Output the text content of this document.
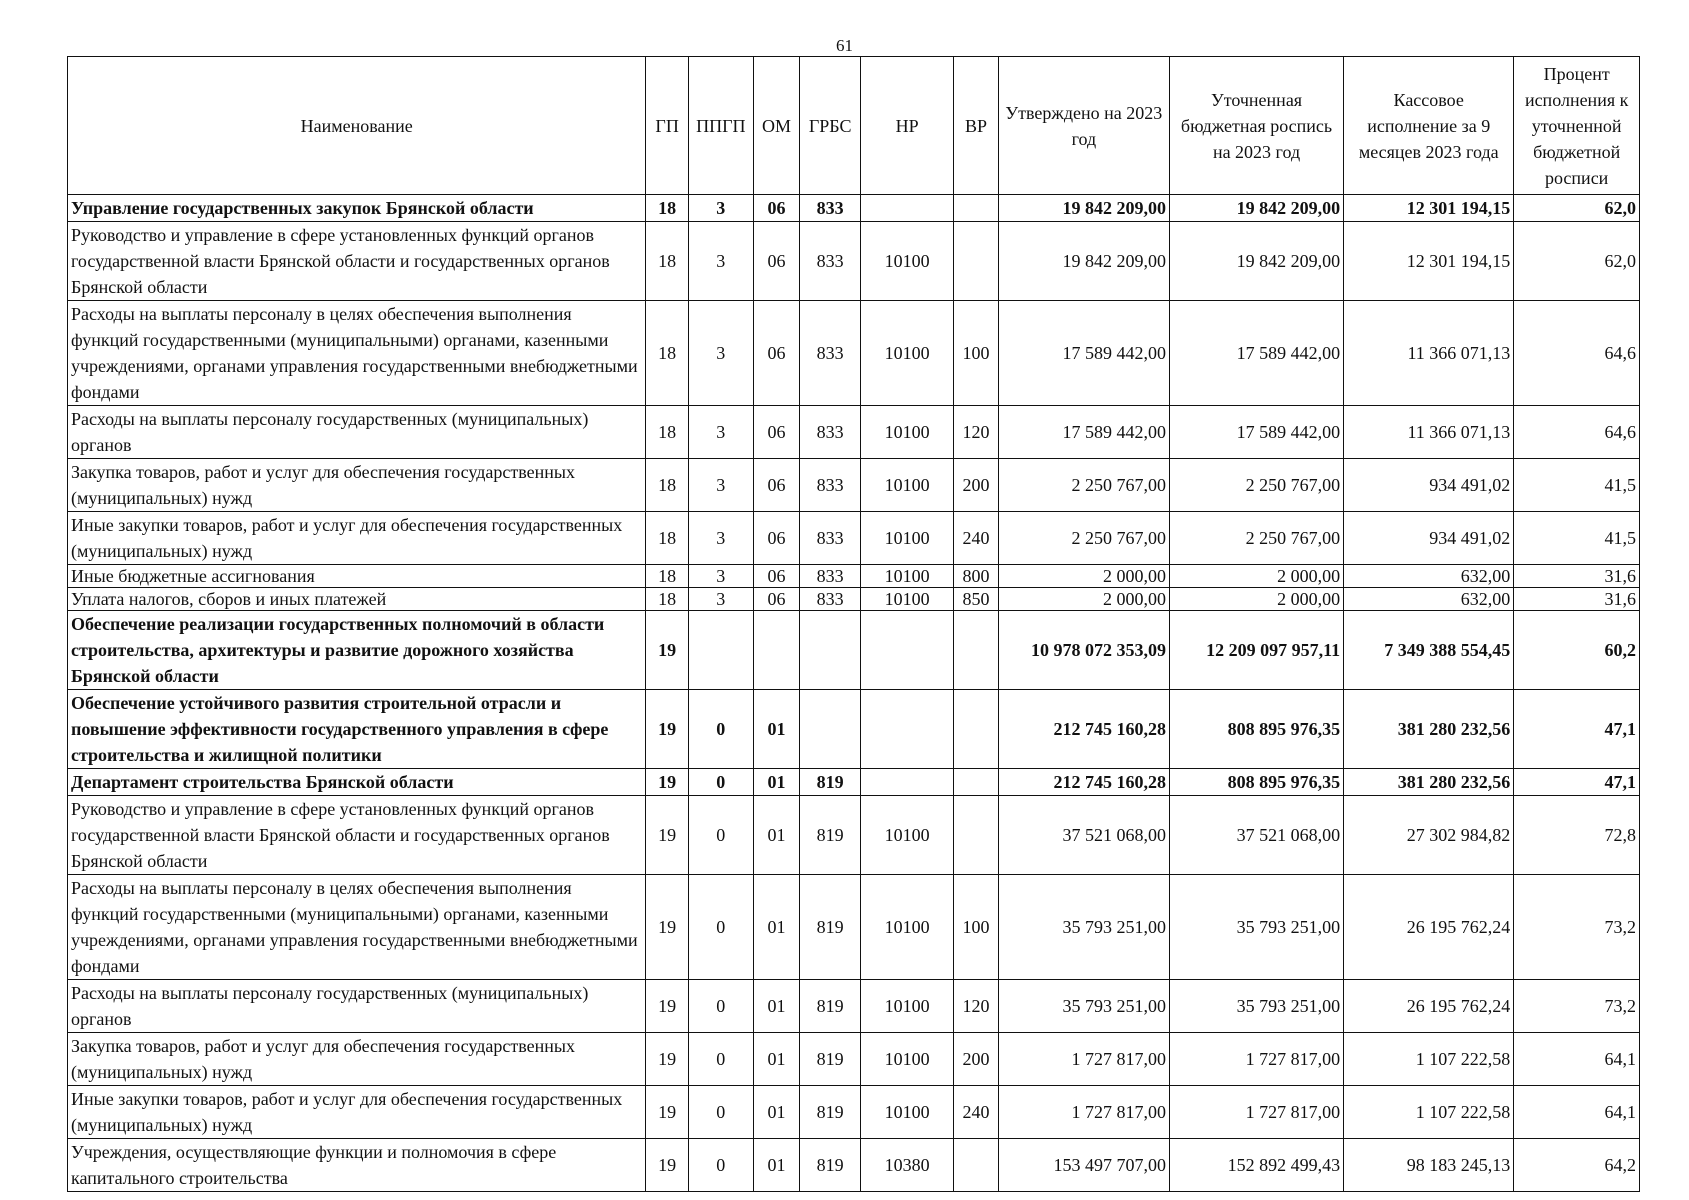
61
Наименование	ГП	ППГП	ОМ	ГРБС	НР	ВР	Утверждено на 2023 год	Уточненная бюджетная роспись на 2023 год	Кассовое исполнение за 9 месяцев 2023 года	Процент исполнения к уточненной бюджетной росписи
Управление государственных закупок Брянской области	18	3	06	833			19 842 209,00	19 842 209,00	12 301 194,15	62,0
Руководство и управление в сфере установленных функций органов государственной власти Брянской области и государственных органов Брянской области	18	3	06	833	10100		19 842 209,00	19 842 209,00	12 301 194,15	62,0
Расходы на выплаты персоналу в целях обеспечения выполнения функций государственными (муниципальными) органами, казенными учреждениями, органами управления государственными внебюджетными фондами	18	3	06	833	10100	100	17 589 442,00	17 589 442,00	11 366 071,13	64,6
Расходы на выплаты персоналу государственных (муниципальных) органов	18	3	06	833	10100	120	17 589 442,00	17 589 442,00	11 366 071,13	64,6
Закупка товаров, работ и услуг для обеспечения государственных (муниципальных) нужд	18	3	06	833	10100	200	2 250 767,00	2 250 767,00	934 491,02	41,5
Иные закупки товаров, работ и услуг для обеспечения государственных (муниципальных) нужд	18	3	06	833	10100	240	2 250 767,00	2 250 767,00	934 491,02	41,5
Иные бюджетные ассигнования	18	3	06	833	10100	800	2 000,00	2 000,00	632,00	31,6
Уплата налогов, сборов и иных платежей	18	3	06	833	10100	850	2 000,00	2 000,00	632,00	31,6
Обеспечение реализации государственных полномочий в области строительства, архитектуры и развитие дорожного хозяйства Брянской области	19						10 978 072 353,09	12 209 097 957,11	7 349 388 554,45	60,2
Обеспечение устойчивого развития строительной отрасли и повышение эффективности государственного управления в сфере строительства и жилищной политики	19	0	01				212 745 160,28	808 895 976,35	381 280 232,56	47,1
Департамент строительства Брянской области	19	0	01	819			212 745 160,28	808 895 976,35	381 280 232,56	47,1
Руководство и управление в сфере установленных функций органов государственной власти Брянской области и государственных органов Брянской области	19	0	01	819	10100		37 521 068,00	37 521 068,00	27 302 984,82	72,8
Расходы на выплаты персоналу в целях обеспечения выполнения функций государственными (муниципальными) органами, казенными учреждениями, органами управления государственными внебюджетными фондами	19	0	01	819	10100	100	35 793 251,00	35 793 251,00	26 195 762,24	73,2
Расходы на выплаты персоналу государственных (муниципальных) органов	19	0	01	819	10100	120	35 793 251,00	35 793 251,00	26 195 762,24	73,2
Закупка товаров, работ и услуг для обеспечения государственных (муниципальных) нужд	19	0	01	819	10100	200	1 727 817,00	1 727 817,00	1 107 222,58	64,1
Иные закупки товаров, работ и услуг для обеспечения государственных (муниципальных) нужд	19	0	01	819	10100	240	1 727 817,00	1 727 817,00	1 107 222,58	64,1
Учреждения, осуществляющие функции и полномочия в сфере капитального строительства	19	0	01	819	10380		153 497 707,00	152 892 499,43	98 183 245,13	64,2
